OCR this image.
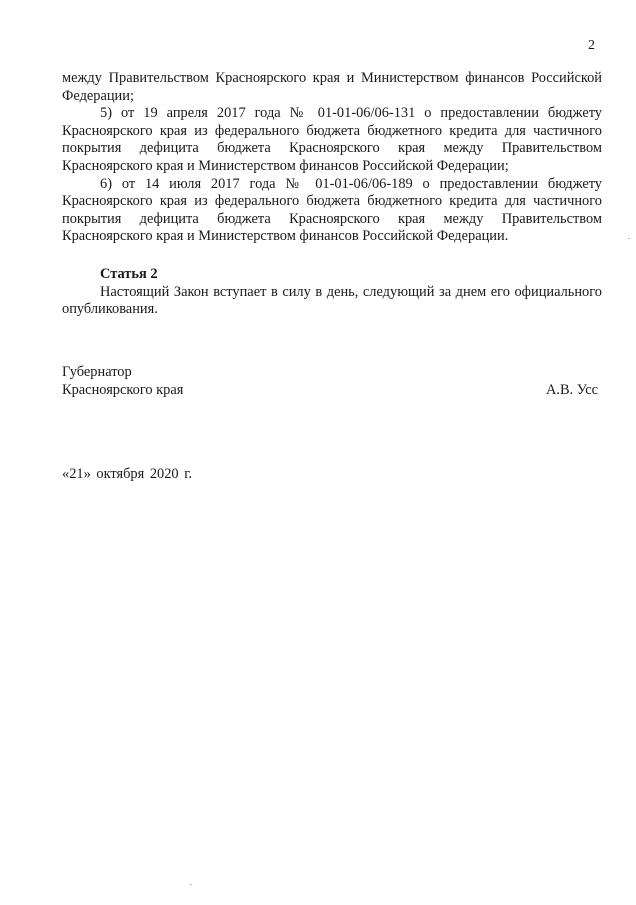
2

между Правительством Красноярского края и Министерством финансов Российской Федерации;

5) от 19 апреля 2017 года № 01-01-06/06-131 о предоставлении бюджету Красноярского края из федерального бюджета бюджетного кредита для частичного покрытия дефицита бюджета Красноярского края между Правительством Красноярского края и Министерством финансов Российской Федерации;

6) от 14 июля 2017 года № 01-01-06/06-189 о предоставлении бюджету Красноярского края из федерального бюджета бюджетного кредита для частичного покрытия дефицита бюджета Красноярского края между Правительством Красноярского края и Министерством финансов Российской Федерации.

Статья 2

Настоящий Закон вступает в силу в день, следующий за днем его официального опубликования.

Губернатор
Красноярского края	А.В. Усс
«21» октября 2020 г.
